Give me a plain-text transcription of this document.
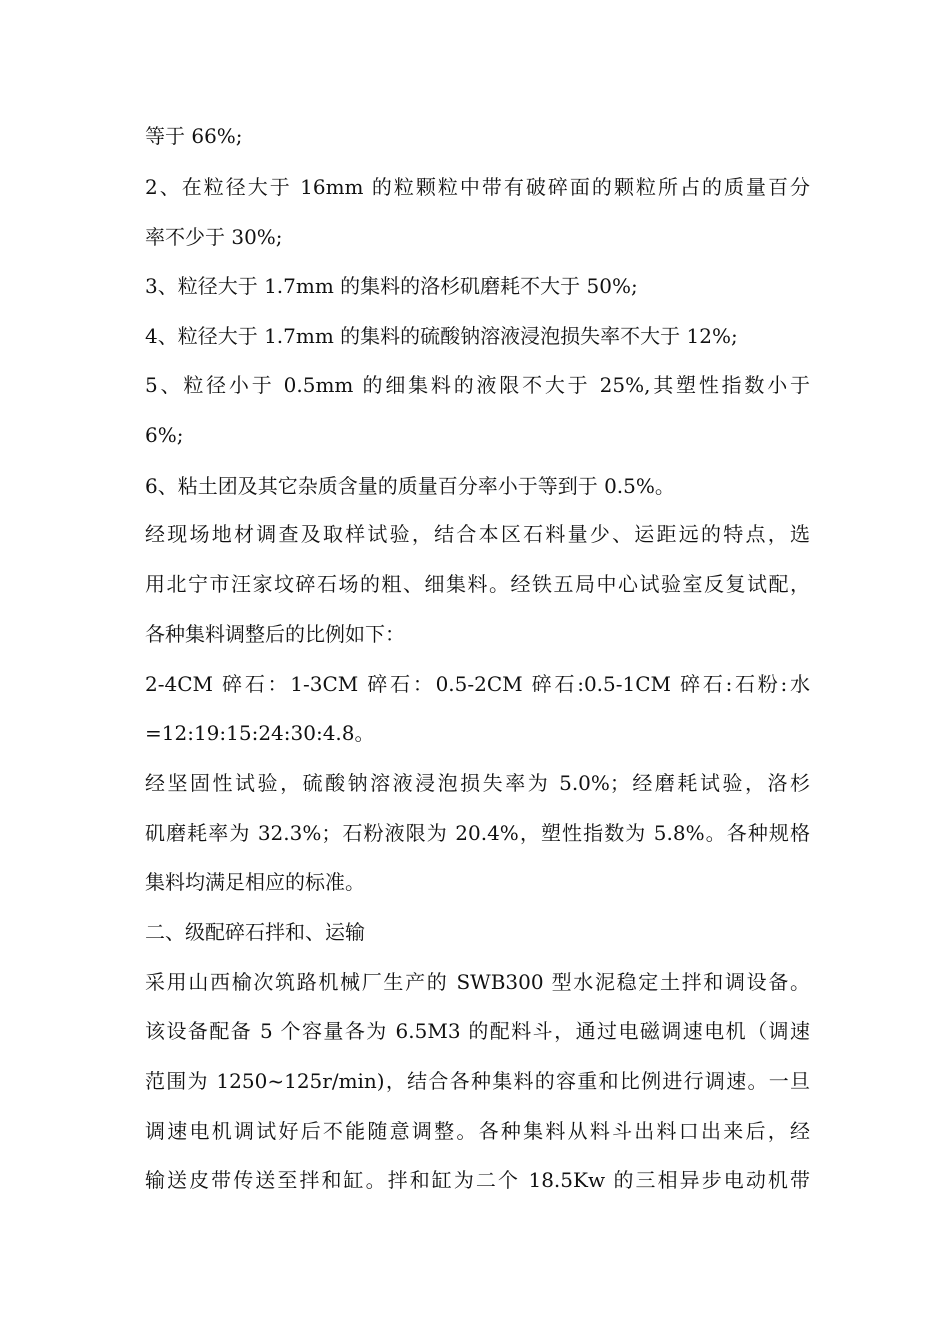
等于 66%;
2、在粒径大于 16mm 的粒颗粒中带有破碎面的颗粒所占的质量百分
率不少于 30%;
3、粒径大于 1.7mm 的集料的洛杉矶磨耗不大于 50%;
4、粒径大于 1.7mm 的集料的硫酸钠溶液浸泡损失率不大于 12%;
5、粒径小于 0.5mm 的细集料的液限不大于 25%,其塑性指数小于
6%;
6、粘土团及其它杂质含量的质量百分率小于等到于 0.5%。
经现场地材调查及取样试验，结合本区石料量少、运距远的特点，选
用北宁市汪家坟碎石场的粗、细集料。经铁五局中心试验室反复试配，
各种集料调整后的比例如下：
2-4CM 碎石：1-3CM 碎石：0.5-2CM 碎石:0.5-1CM 碎石:石粉:水
=12:19:15:24:30:4.8。
经坚固性试验，硫酸钠溶液浸泡损失率为 5.0%；经磨耗试验，洛杉
矶磨耗率为 32.3%；石粉液限为 20.4%，塑性指数为 5.8%。各种规格
集料均满足相应的标准。
二、级配碎石拌和、运输
采用山西榆次筑路机械厂生产的 SWB300 型水泥稳定土拌和调设备。
该设备配备 5 个容量各为 6.5M3 的配料斗，通过电磁调速电机（调速
范围为 1250~125r/min)，结合各种集料的容重和比例进行调速。一旦
调速电机调试好后不能随意调整。各种集料从料斗出料口出来后，经
输送皮带传送至拌和缸。拌和缸为二个 18.5Kw 的三相异步电动机带
